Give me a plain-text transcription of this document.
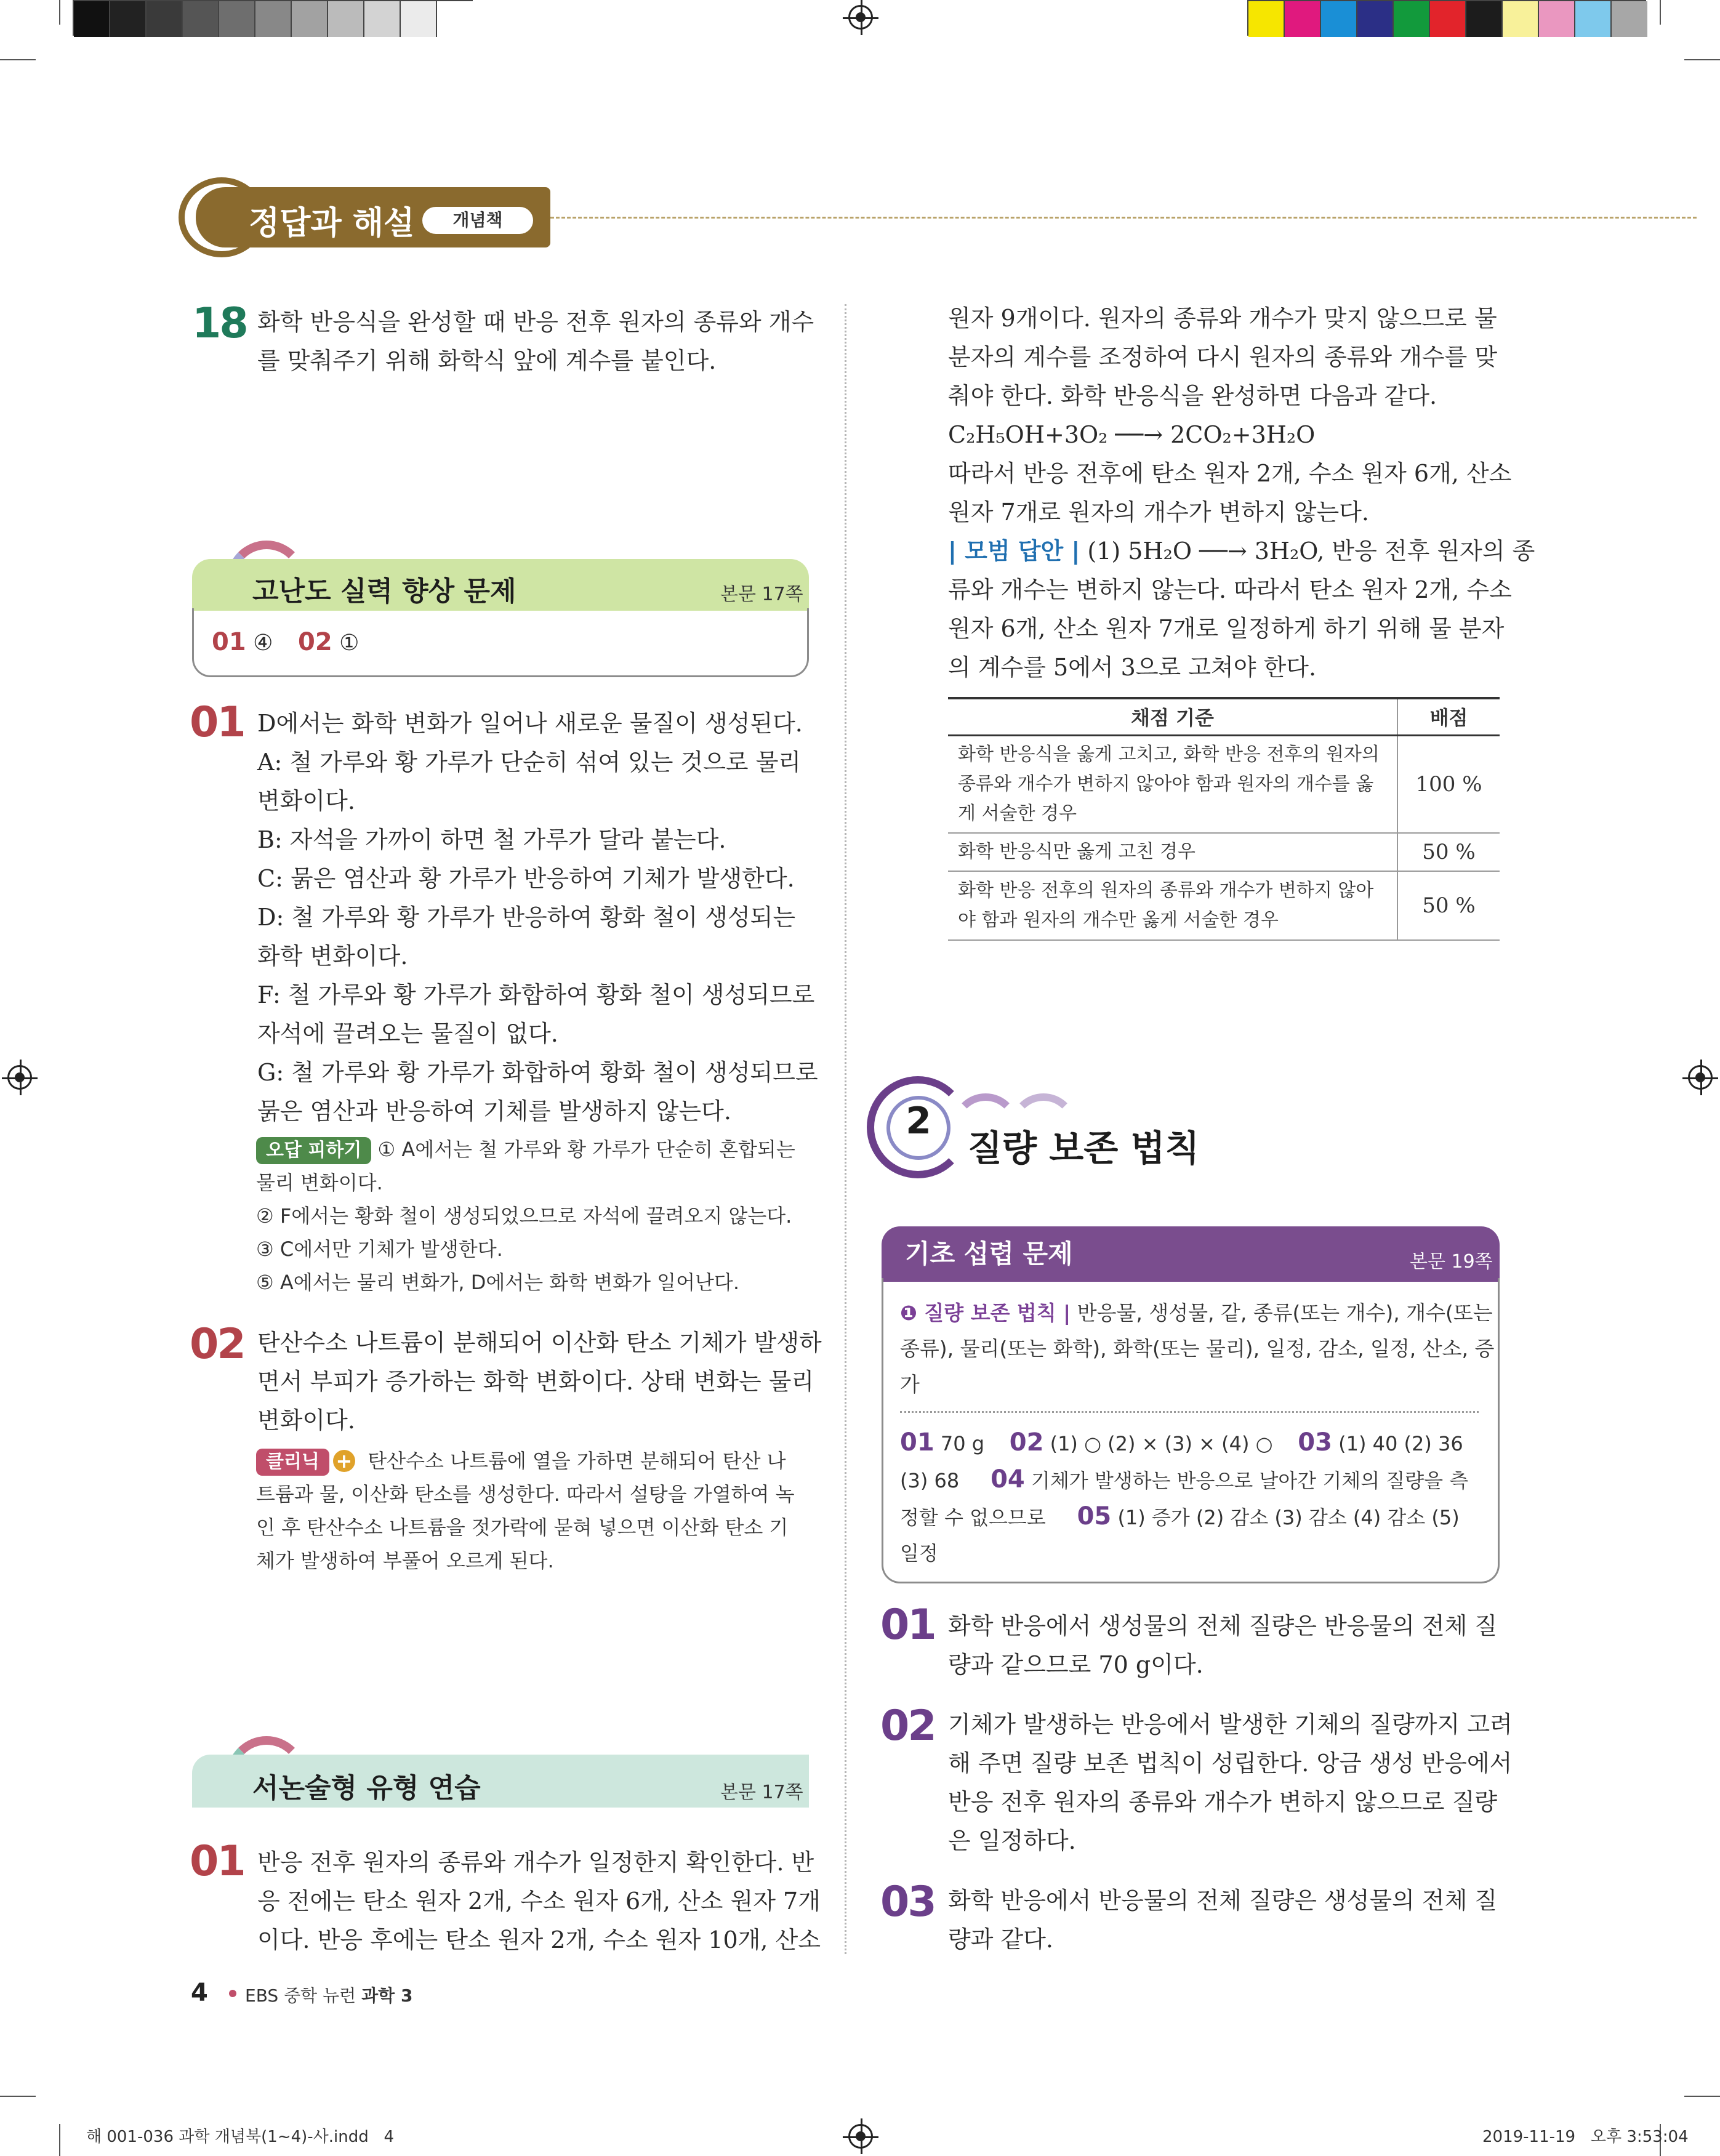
정답과 해설	개념책
18 화학 반응식을 완성할 때 반응 전후 원자의 종류와 개수
를 맞춰주기 위해 화학식 앞에 계수를 붙인다.
고난도 실력 향상 문제	본문 17쪽
01 ④ 02 ①
01 D에서는 화학 변화가 일어나 새로운 물질이 생성된다.
A: 철 가루와 황 가루가 단순히 섞여 있는 것으로 물리
변화이다.
B: 자석을 가까이 하면 철 가루가 달라 붙는다.
C: 묽은 염산과 황 가루가 반응하여 기체가 발생한다.
D: 철 가루와 황 가루가 반응하여 황화 철이 생성되는
화학 변화이다.
F: 철 가루와 황 가루가 화합하여 황화 철이 생성되므로
자석에 끌려오는 물질이 없다.
G: 철 가루와 황 가루가 화합하여 황화 철이 생성되므로
묽은 염산과 반응하여 기체를 발생하지 않는다.
오답 피하기 ① A에서는 철 가루와 황 가루가 단순히 혼합되는
물리 변화이다.
② F에서는 황화 철이 생성되었으므로 자석에 끌려오지 않는다.
③ C에서만 기체가 발생한다.
⑤ A에서는 물리 변화가, D에서는 화학 변화가 일어난다.
02 탄산수소 나트륨이 분해되어 이산화 탄소 기체가 발생하
면서 부피가 증가하는 화학 변화이다. 상태 변화는 물리
변화이다.
클리닉 + 탄산수소 나트륨에 열을 가하면 분해되어 탄산 나
트륨과 물, 이산화 탄소를 생성한다. 따라서 설탕을 가열하여 녹
인 후 탄산수소 나트륨을 젓가락에 묻혀 넣으면 이산화 탄소 기
체가 발생하여 부풀어 오르게 된다.
서논술형 유형 연습	본문 17쪽
01 반응 전후 원자의 종류와 개수가 일정한지 확인한다. 반
응 전에는 탄소 원자 2개, 수소 원자 6개, 산소 원자 7개
이다. 반응 후에는 탄소 원자 2개, 수소 원자 10개, 산소
원자 9개이다. 원자의 종류와 개수가 맞지 않으므로 물
분자의 계수를 조정하여 다시 원자의 종류와 개수를 맞
춰야 한다. 화학 반응식을 완성하면 다음과 같다.
C₂H₅OH+3O₂ ──→ 2CO₂+3H₂O
따라서 반응 전후에 탄소 원자 2개, 수소 원자 6개, 산소
원자 7개로 원자의 개수가 변하지 않는다.
| 모범 답안 | (1) 5H₂O ──→ 3H₂O, 반응 전후 원자의 종
류와 개수는 변하지 않는다. 따라서 탄소 원자 2개, 수소
원자 6개, 산소 원자 7개로 일정하게 하기 위해 물 분자
의 계수를 5에서 3으로 고쳐야 한다.
채점 기준	배점
화학 반응식을 옳게 고치고, 화학 반응 전후의 원자의 종류와 개수가 변하지 않아야 함과 원자의 개수를 옳게 서술한 경우	100 %
화학 반응식만 옳게 고친 경우	50 %
화학 반응 전후의 원자의 종류와 개수가 변하지 않아야 함과 원자의 개수만 옳게 서술한 경우	50 %
2
질량 보존 법칙
기초 섭렵 문제	본문 19쪽
❶ 질량 보존 법칙 | 반응물, 생성물, 같, 종류(또는 개수), 개수(또는
종류), 물리(또는 화학), 화학(또는 물리), 일정, 감소, 일정, 산소, 증
가
01 70 g 02 (1) ○ (2) × (3) × (4) ○ 03 (1) 40 (2) 36
(3) 68 04 기체가 발생하는 반응으로 날아간 기체의 질량을 측
정할 수 없으므로 05 (1) 증가 (2) 감소 (3) 감소 (4) 감소 (5)
일정
01 화학 반응에서 생성물의 전체 질량은 반응물의 전체 질
량과 같으므로 70 g이다.
02 기체가 발생하는 반응에서 발생한 기체의 질량까지 고려
해 주면 질량 보존 법칙이 성립한다. 앙금 생성 반응에서
반응 전후 원자의 종류와 개수가 변하지 않으므로 질량
은 일정하다.
03 화학 반응에서 반응물의 전체 질량은 생성물의 전체 질
량과 같다.
4 EBS 중학 뉴런 과학 3
해 001-036 과학 개념북(1~4)-사.indd   4	2019-11-19   오후 3:53:04
